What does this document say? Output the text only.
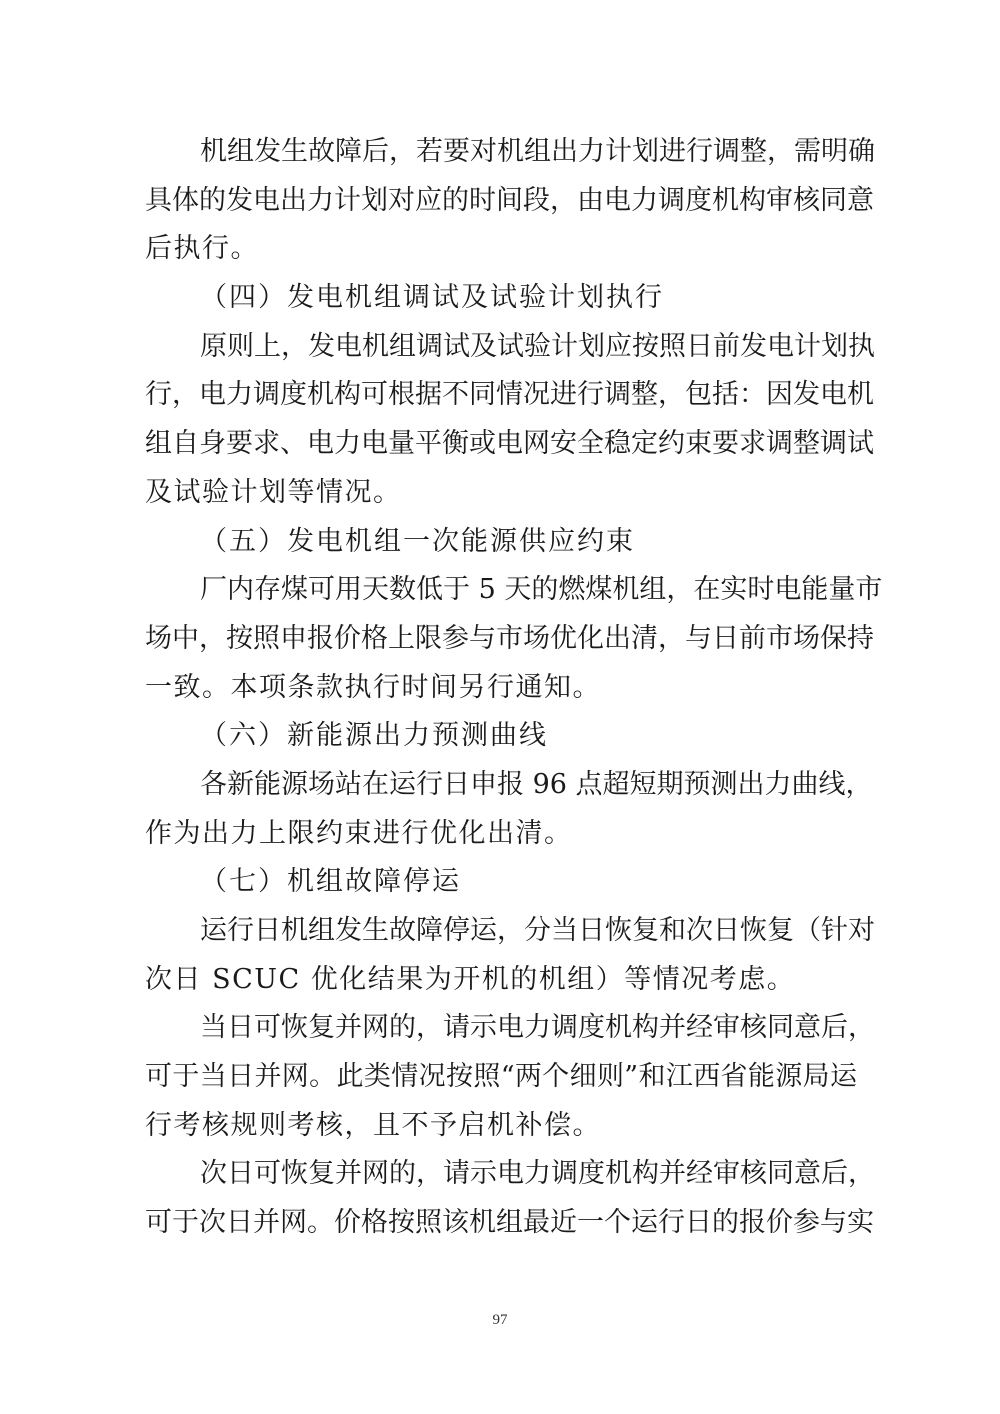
机组发生故障后，若要对机组出力计划进行调整，需明确
具体的发电出力计划对应的时间段，由电力调度机构审核同意
后执行。
（四）发电机组调试及试验计划执行
原则上，发电机组调试及试验计划应按照日前发电计划执
行，电力调度机构可根据不同情况进行调整，包括：因发电机
组自身要求、电力电量平衡或电网安全稳定约束要求调整调试
及试验计划等情况。
（五）发电机组一次能源供应约束
厂内存煤可用天数低于 5 天的燃煤机组，在实时电能量市
场中，按照申报价格上限参与市场优化出清，与日前市场保持
一致。本项条款执行时间另行通知。
（六）新能源出力预测曲线
各新能源场站在运行日申报 96 点超短期预测出力曲线，
作为出力上限约束进行优化出清。
（七）机组故障停运
运行日机组发生故障停运，分当日恢复和次日恢复（针对
次日 SCUC 优化结果为开机的机组）等情况考虑。
当日可恢复并网的，请示电力调度机构并经审核同意后，
可于当日并网。此类情况按照“两个细则”和江西省能源局运
行考核规则考核，且不予启机补偿。
次日可恢复并网的，请示电力调度机构并经审核同意后，
可于次日并网。价格按照该机组最近一个运行日的报价参与实
97
